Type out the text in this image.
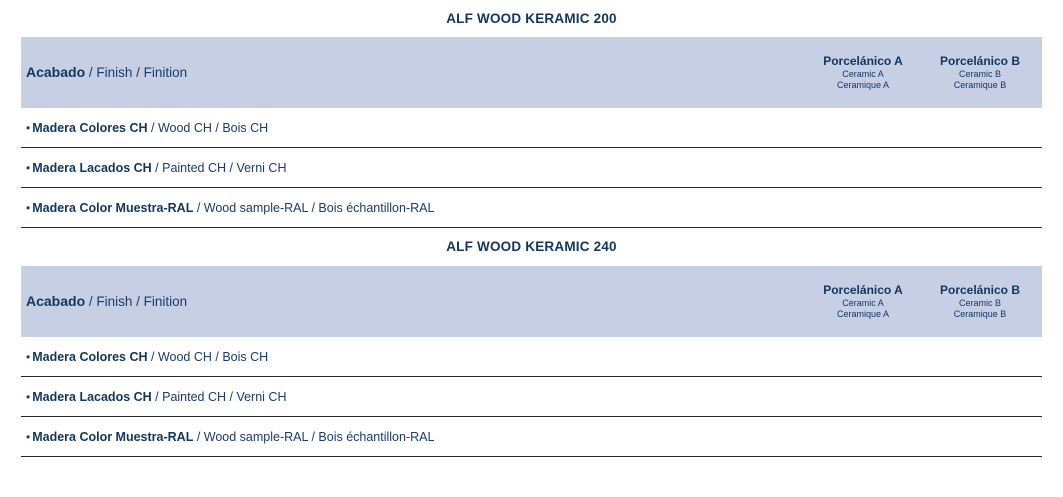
ALF WOOD KERAMIC 200
Acabado / Finish / Finition
Porcelánico A
Ceramic A
Ceramique A
Porcelánico B
Ceramic B
Ceramique B
• Madera Colores CH / Wood CH / Bois CH
• Madera Lacados CH / Painted CH / Verni CH
• Madera Color Muestra-RAL / Wood sample-RAL / Bois échantillon-RAL
ALF WOOD KERAMIC 240
Acabado / Finish / Finition
Porcelánico A
Ceramic A
Ceramique A
Porcelánico B
Ceramic B
Ceramique B
• Madera Colores CH / Wood CH / Bois CH
• Madera Lacados CH / Painted CH / Verni CH
• Madera Color Muestra-RAL / Wood sample-RAL / Bois échantillon-RAL
